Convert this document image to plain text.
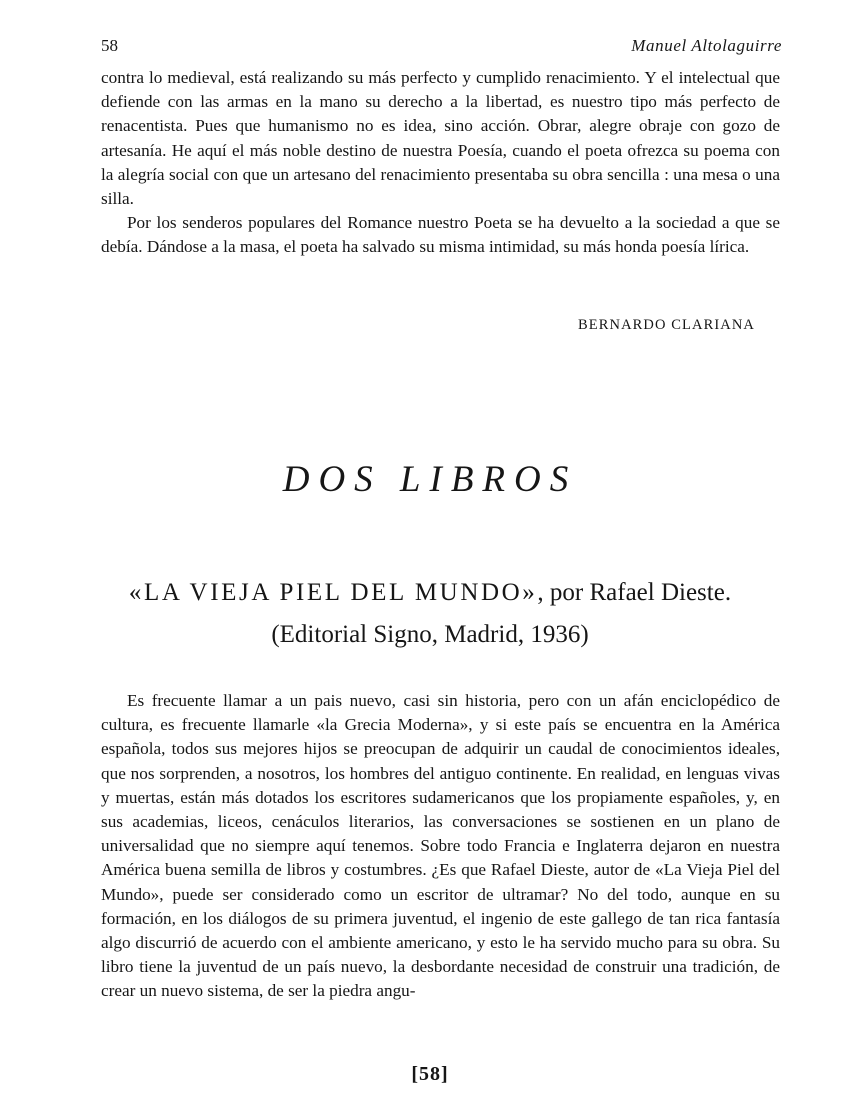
58	Manuel Altolaguirre

contra lo medieval, está realizando su más perfecto y cumplido renacimiento. Y el intelectual que defiende con las armas en la mano su derecho a la libertad, es nuestro tipo más perfecto de renacentista. Pues que humanismo no es idea, sino acción. Obrar, alegre obraje con gozo de artesanía. He aquí el más noble destino de nuestra Poesía, cuando el poeta ofrezca su poema con la alegría social con que un artesano del renacimiento presentaba su obra sencilla : una mesa o una silla.

Por los senderos populares del Romance nuestro Poeta se ha devuelto a la sociedad a que se debía. Dándose a la masa, el poeta ha salvado su misma intimidad, su más honda poesía lírica.

BERNARDO CLARIANA
DOS LIBROS
«LA VIEJA PIEL DEL MUNDO», por Rafael Dieste.
(Editorial Signo, Madrid, 1936)

Es frecuente llamar a un pais nuevo, casi sin historia, pero con un afán enciclopédico de cultura, es frecuente llamarle «la Grecia Moderna», y si este país se encuentra en la América española, todos sus mejores hijos se preocupan de adquirir un caudal de conocimientos ideales, que nos sorprenden, a nosotros, los hombres del antiguo continente. En realidad, en lenguas vivas y muertas, están más dotados los escritores sudamericanos que los propiamente españoles, y, en sus academias, liceos, cenáculos literarios, las conversaciones se sostienen en un plano de universalidad que no siempre aquí tenemos. Sobre todo Francia e Inglaterra dejaron en nuestra América buena semilla de libros y costumbres. ¿Es que Rafael Dieste, autor de «La Vieja Piel del Mundo», puede ser considerado como un escritor de ultramar? No del todo, aunque en su formación, en los diálogos de su primera juventud, el ingenio de este gallego de tan rica fantasía algo discurrió de acuerdo con el ambiente americano, y esto le ha servido mucho para su obra. Su libro tiene la juventud de un país nuevo, la desbordante necesidad de construir una tradición, de crear un nuevo sistema, de ser la piedra angu-

[58]
